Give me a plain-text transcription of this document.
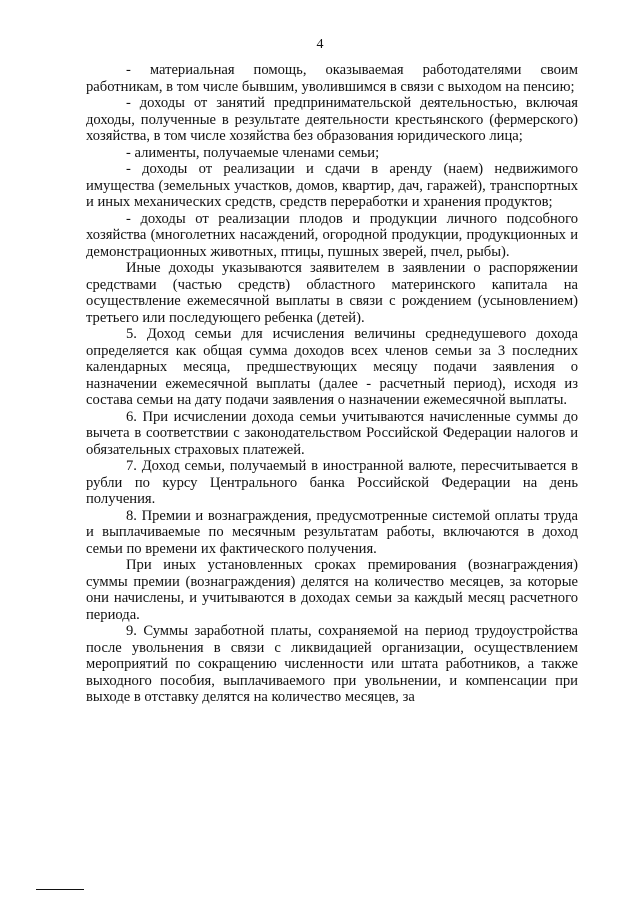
4

- материальная помощь, оказываемая работодателями своим работникам, в том числе бывшим, уволившимся в связи с выходом на пенсию;

- доходы от занятий предпринимательской деятельностью, включая доходы, полученные в результате деятельности крестьянского (фермерского) хозяйства, в том числе хозяйства без образования юридического лица;

- алименты, получаемые членами семьи;

- доходы от реализации и сдачи в аренду (наем) недвижимого имущества (земельных участков, домов, квартир, дач, гаражей), транспортных и иных механических средств, средств переработки и хранения продуктов;

- доходы от реализации плодов и продукции личного подсобного хозяйства (многолетних насаждений, огородной продукции, продукционных и демонстрационных животных, птицы, пушных зверей, пчел, рыбы).

Иные доходы указываются заявителем в заявлении о распоряжении средствами (частью средств) областного материнского капитала на осуществление ежемесячной выплаты в связи с рождением (усыновлением) третьего или последующего ребенка (детей).

5. Доход семьи для исчисления величины среднедушевого дохода определяется как общая сумма доходов всех членов семьи за 3 последних календарных месяца, предшествующих месяцу подачи заявления о назначении ежемесячной выплаты (далее - расчетный период), исходя из состава семьи на дату подачи заявления о назначении ежемесячной выплаты.

6. При исчислении дохода семьи учитываются начисленные суммы до вычета в соответствии с законодательством Российской Федерации налогов и обязательных страховых платежей.

7. Доход семьи, получаемый в иностранной валюте, пересчитывается в рубли по курсу Центрального банка Российской Федерации на день получения.

8. Премии и вознаграждения, предусмотренные системой оплаты труда и выплачиваемые по месячным результатам работы, включаются в доход семьи по времени их фактического получения.

При иных установленных сроках премирования (вознаграждения) суммы премии (вознаграждения) делятся на количество месяцев, за которые они начислены, и учитываются в доходах семьи за каждый месяц расчетного периода.

9. Суммы заработной платы, сохраняемой на период трудоустройства после увольнения в связи с ликвидацией организации, осуществлением мероприятий по сокращению численности или штата работников, а также выходного пособия, выплачиваемого при увольнении, и компенсации при выходе в отставку делятся на количество месяцев, за
